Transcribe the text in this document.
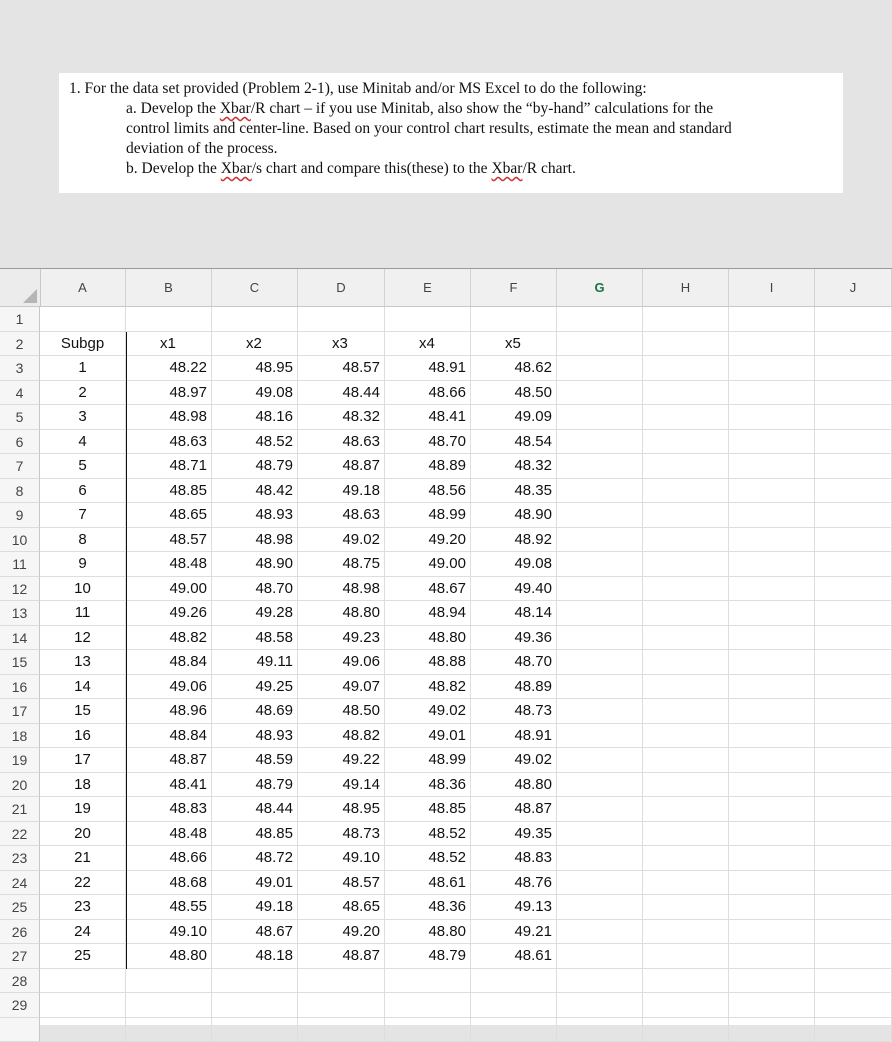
1. For the data set provided (Problem 2-1), use Minitab and/or MS Excel to do the following:
a. Develop the Xbar/R chart – if you use Minitab, also show the “by-hand” calculations for the
control limits and center-line. Based on your control chart results, estimate the mean and standard
deviation of the process.
b. Develop the Xbar/s chart and compare this(these) to the Xbar/R chart.
A	B	C	D	E	F	G	H	I	J
1
2	Subgp	x1	x2	x3	x4	x5
3	1	48.22	48.95	48.57	48.91	48.62
4	2	48.97	49.08	48.44	48.66	48.50
5	3	48.98	48.16	48.32	48.41	49.09
6	4	48.63	48.52	48.63	48.70	48.54
7	5	48.71	48.79	48.87	48.89	48.32
8	6	48.85	48.42	49.18	48.56	48.35
9	7	48.65	48.93	48.63	48.99	48.90
10	8	48.57	48.98	49.02	49.20	48.92
11	9	48.48	48.90	48.75	49.00	49.08
12	10	49.00	48.70	48.98	48.67	49.40
13	11	49.26	49.28	48.80	48.94	48.14
14	12	48.82	48.58	49.23	48.80	49.36
15	13	48.84	49.11	49.06	48.88	48.70
16	14	49.06	49.25	49.07	48.82	48.89
17	15	48.96	48.69	48.50	49.02	48.73
18	16	48.84	48.93	48.82	49.01	48.91
19	17	48.87	48.59	49.22	48.99	49.02
20	18	48.41	48.79	49.14	48.36	48.80
21	19	48.83	48.44	48.95	48.85	48.87
22	20	48.48	48.85	48.73	48.52	49.35
23	21	48.66	48.72	49.10	48.52	48.83
24	22	48.68	49.01	48.57	48.61	48.76
25	23	48.55	49.18	48.65	48.36	49.13
26	24	49.10	48.67	49.20	48.80	49.21
27	25	48.80	48.18	48.87	48.79	48.61
28
29
